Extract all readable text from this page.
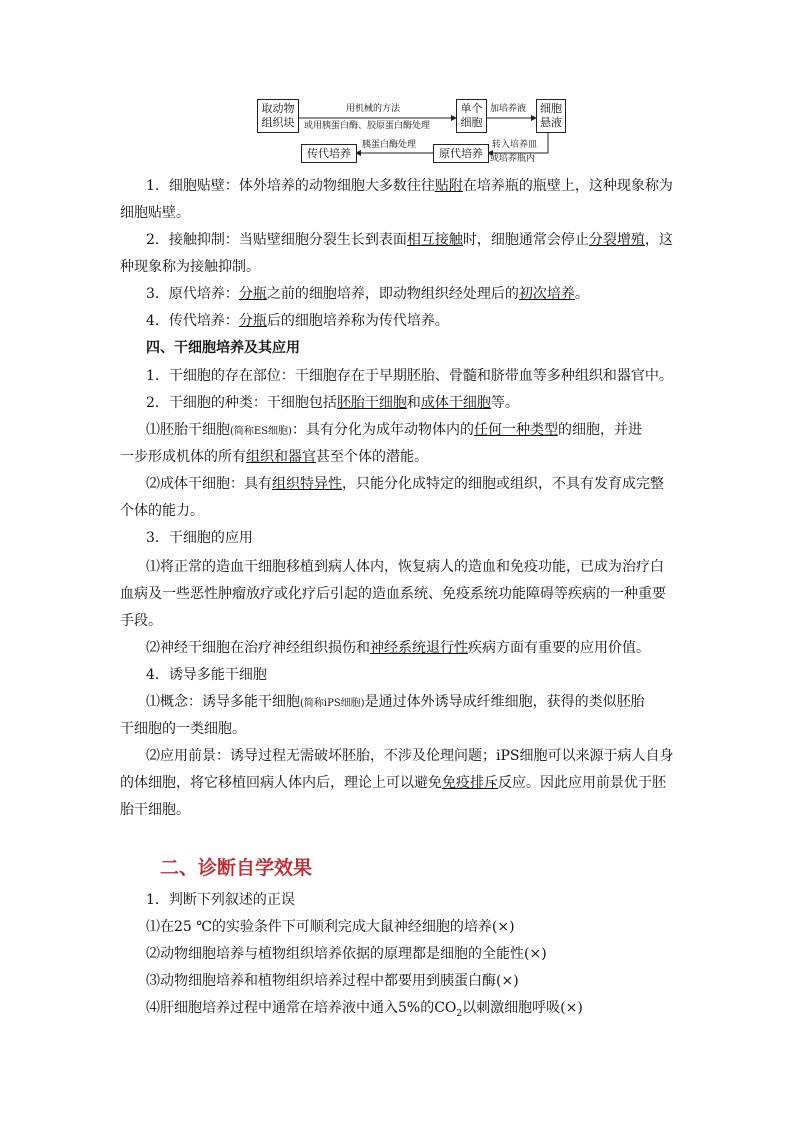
取动物
组织块
单个
细胞
细胞
悬液
原代培养
传代培养
用机械的方法
或用胰蛋白酶、胶原蛋白酶处理
加培养液
转入培养皿
或培养瓶内
胰蛋白酶处理
1．细胞贴壁：体外培养的动物细胞大多数往往贴附在培养瓶的瓶壁上，这种现象称为
细胞贴壁。
2．接触抑制：当贴壁细胞分裂生长到表面相互接触时，细胞通常会停止分裂增殖，这
种现象称为接触抑制。
3．原代培养：分瓶之前的细胞培养，即动物组织经处理后的初次培养。
4．传代培养：分瓶后的细胞培养称为传代培养。
四、干细胞培养及其应用
1．干细胞的存在部位：干细胞存在于早期胚胎、骨髓和脐带血等多种组织和器官中。
2．干细胞的种类：干细胞包括胚胎干细胞和成体干细胞等。
⑴胚胎干细胞(简称ES细胞)：具有分化为成年动物体内的任何一种类型的细胞，并进
一步形成机体的所有组织和器官甚至个体的潜能。
⑵成体干细胞：具有组织特异性，只能分化成特定的细胞或组织，不具有发育成完整
个体的能力。
3．干细胞的应用
⑴将正常的造血干细胞移植到病人体内，恢复病人的造血和免疫功能，已成为治疗白
血病及一些恶性肿瘤放疗或化疗后引起的造血系统、免疫系统功能障碍等疾病的一种重要
手段。
⑵神经干细胞在治疗神经组织损伤和神经系统退行性疾病方面有重要的应用价值。
4．诱导多能干细胞
⑴概念：诱导多能干细胞(简称iPS细胞)是通过体外诱导成纤维细胞，获得的类似胚胎
干细胞的一类细胞。
⑵应用前景：诱导过程无需破坏胚胎，不涉及伦理问题；iPS细胞可以来源于病人自身
的体细胞，将它移植回病人体内后，理论上可以避免免疫排斥反应。因此应用前景优于胚
胎干细胞。
二、诊断自学效果
1．判断下列叙述的正误
⑴在25 ℃的实验条件下可顺利完成大鼠神经细胞的培养(×)
⑵动物细胞培养与植物组织培养依据的原理都是细胞的全能性(×)
⑶动物细胞培养和植物组织培养过程中都要用到胰蛋白酶(×)
⑷肝细胞培养过程中通常在培养液中通入5%的$CO_2$以刺激细胞呼吸(×)
